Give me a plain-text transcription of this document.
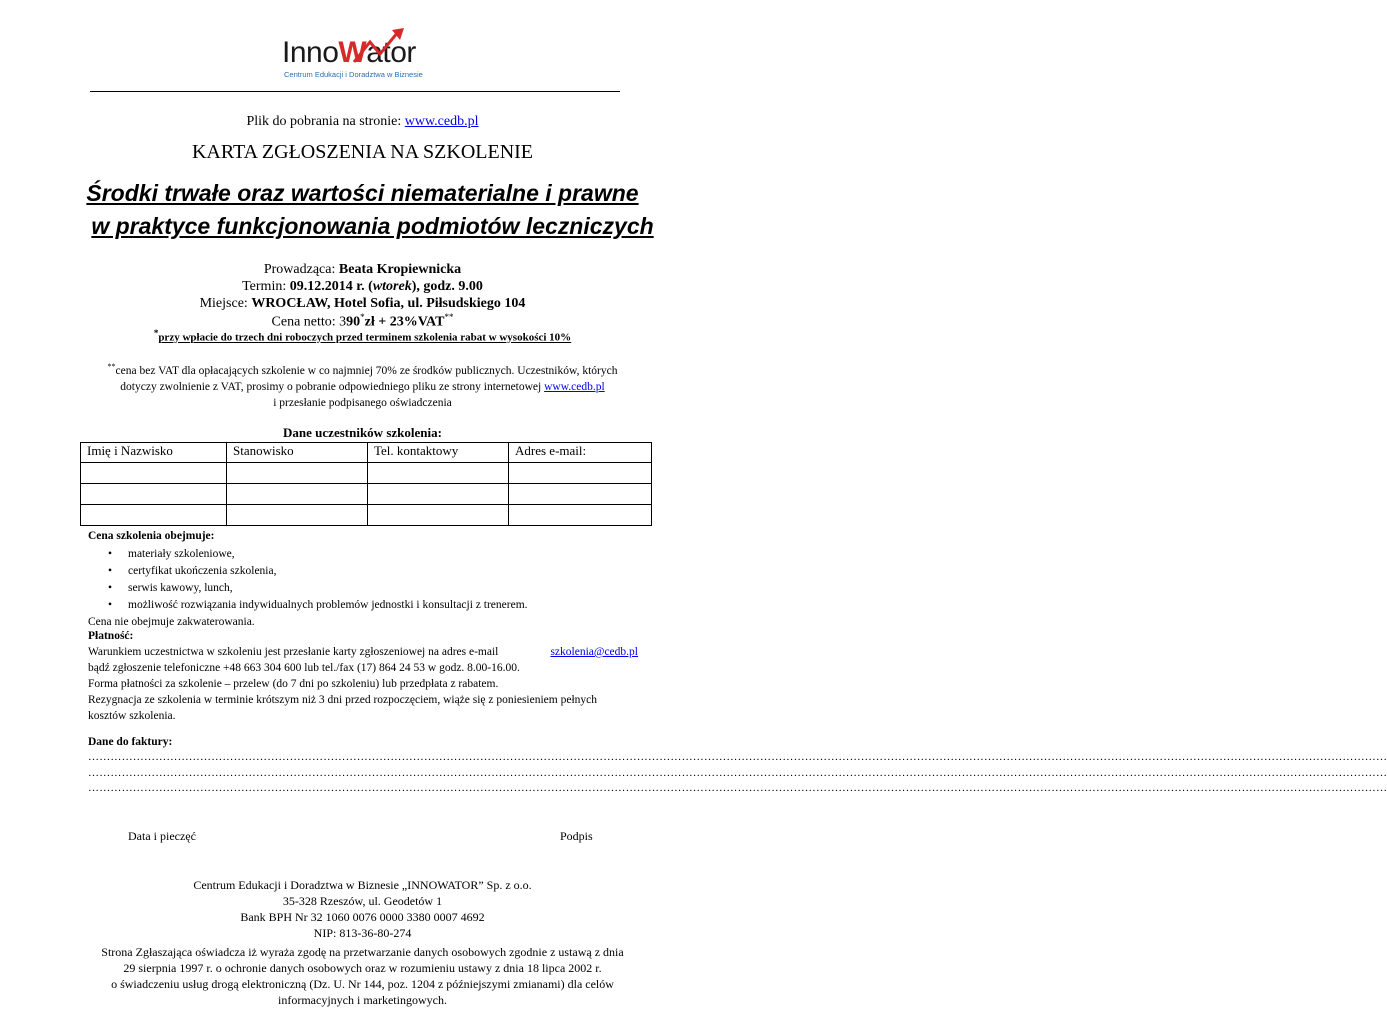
InnoWator
Centrum Edukacji i Doradztwa w Biznesie
Plik do pobrania na stronie: www.cedb.pl
KARTA ZGŁOSZENIA NA SZKOLENIE
Środki trwałe oraz wartości niematerialne i prawne
w praktyce funkcjonowania podmiotów leczniczych
Prowadząca: Beata Kropiewnicka
Termin: 09.12.2014 r. (wtorek), godz. 9.00
Miejsce: WROCŁAW, Hotel Sofia, ul. Piłsudskiego 104
Cena netto: 390*zł + 23%VAT**
*przy wpłacie do trzech dni roboczych przed terminem szkolenia rabat w wysokości 10%
**cena bez VAT dla opłacających szkolenie w co najmniej 70% ze środków publicznych. Uczestników, których
dotyczy zwolnienie z VAT, prosimy o pobranie odpowiedniego pliku ze strony internetowej www.cedb.pl
i przesłanie podpisanego oświadczenia
Dane uczestników szkolenia:
Imię i Nazwisko	Stanowisko	Tel. kontaktowy	Adres e-mail:

Cena szkolenia obejmuje:
• materiały szkoleniowe,
• certyfikat ukończenia szkolenia,
• serwis kawowy, lunch,
• możliwość rozwiązania indywidualnych problemów jednostki i konsultacji z trenerem.
Cena nie obejmuje zakwaterowania.
Płatność:
Warunkiem uczestnictwa w szkoleniu jest przesłanie karty zgłoszeniowej na adres e-mail	szkolenia@cedb.pl
bądź zgłoszenie telefoniczne +48 663 304 600 lub tel./fax (17) 864 24 53 w godz. 8.00-16.00.
Forma płatności za szkolenie – przelew (do 7 dni po szkoleniu) lub przedpłata z rabatem.
Rezygnacja ze szkolenia w terminie krótszym niż 3 dni przed rozpoczęciem, wiąże się z poniesieniem pełnych
kosztów szkolenia.
Dane do faktury:
……………………………………………………………………………………………………………………………………………………………………………………………………………………………………………………………………………………………………………………
……………………………………………………………………………………………………………………………………………………………………………………………………………………………………………………………………………………………………………………
……………………………………………………………………………………………………………………………………………………………………………………………………………………………………………………………………………………………………………………
Data i pieczęć	Podpis
Centrum Edukacji i Doradztwa w Biznesie „INNOWATOR” Sp. z o.o.
35-328 Rzeszów, ul. Geodetów 1
Bank BPH Nr 32 1060 0076 0000 3380 0007 4692
NIP: 813-36-80-274
Strona Zgłaszająca oświadcza iż wyraża zgodę na przetwarzanie danych osobowych zgodnie z ustawą z dnia
29 sierpnia 1997 r. o ochronie danych osobowych oraz w rozumieniu ustawy z dnia 18 lipca 2002 r.
o świadczeniu usług drogą elektroniczną (Dz. U. Nr 144, poz. 1204 z późniejszymi zmianami) dla celów
informacyjnych i marketingowych.
